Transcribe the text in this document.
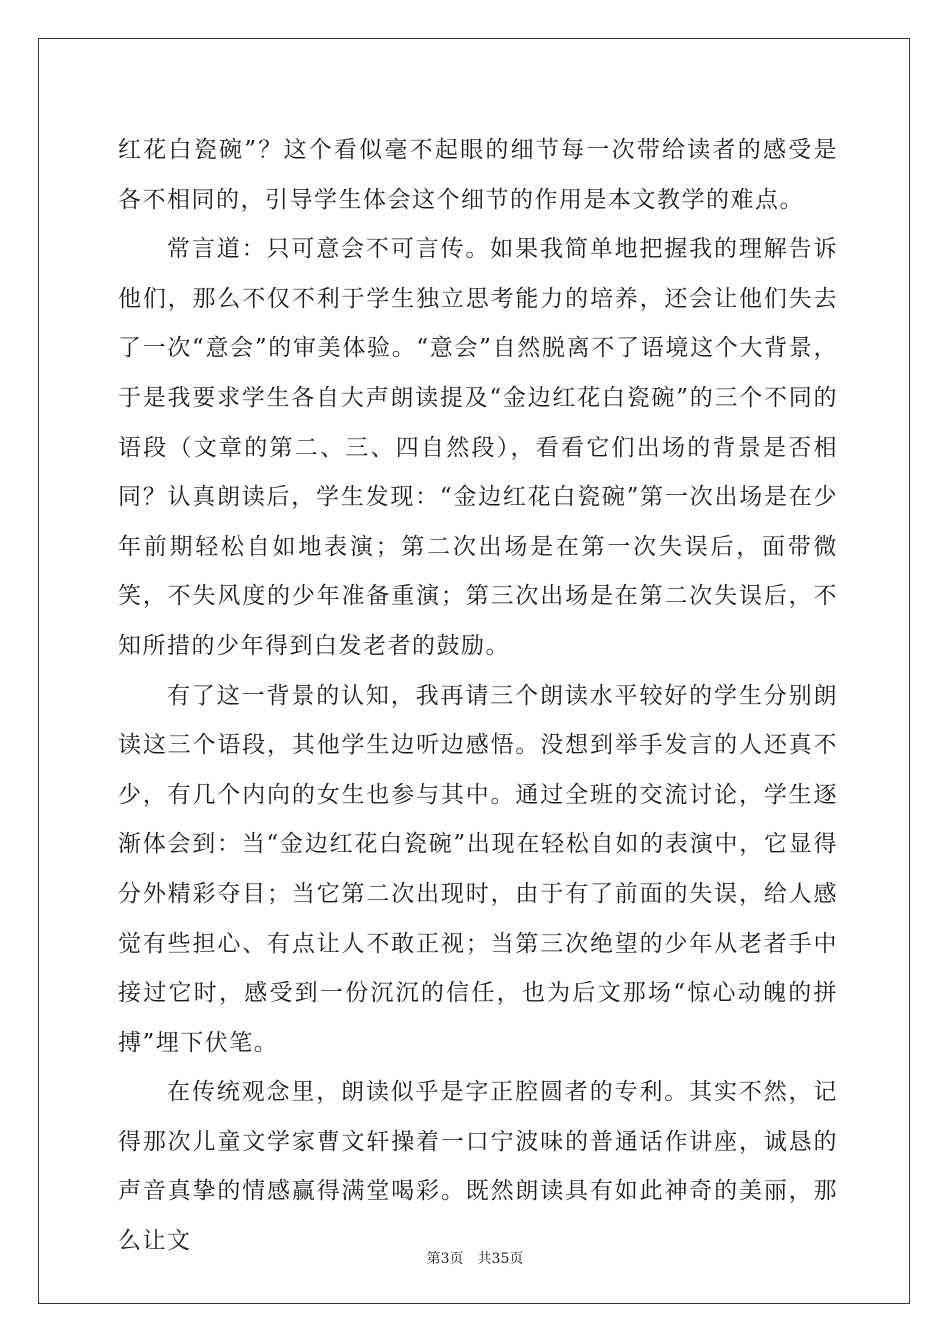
红花白瓷碗”？这个看似毫不起眼的细节每一次带给读者的感受是各不相同的，引导学生体会这个细节的作用是本文教学的难点。

常言道：只可意会不可言传。如果我简单地把握我的理解告诉他们，那么不仅不利于学生独立思考能力的培养，还会让他们失去了一次“意会”的审美体验。“意会”自然脱离不了语境这个大背景，于是我要求学生各自大声朗读提及“金边红花白瓷碗”的三个不同的语段（文章的第二、三、四自然段），看看它们出场的背景是否相同？认真朗读后，学生发现：“金边红花白瓷碗”第一次出场是在少年前期轻松自如地表演；第二次出场是在第一次失误后，面带微笑，不失风度的少年准备重演；第三次出场是在第二次失误后，不知所措的少年得到白发老者的鼓励。

有了这一背景的认知，我再请三个朗读水平较好的学生分别朗读这三个语段，其他学生边听边感悟。没想到举手发言的人还真不少，有几个内向的女生也参与其中。通过全班的交流讨论，学生逐渐体会到：当“金边红花白瓷碗”出现在轻松自如的表演中，它显得分外精彩夺目；当它第二次出现时，由于有了前面的失误，给人感觉有些担心、有点让人不敢正视；当第三次绝望的少年从老者手中接过它时，感受到一份沉沉的信任，也为后文那场“惊心动魄的拼搏”埋下伏笔。

在传统观念里，朗读似乎是字正腔圆者的专利。其实不然，记得那次儿童文学家曹文轩操着一口宁波味的普通话作讲座，诚恳的声音真挚的情感赢得满堂喝彩。既然朗读具有如此神奇的美丽，那么让文

第3页 共35页
